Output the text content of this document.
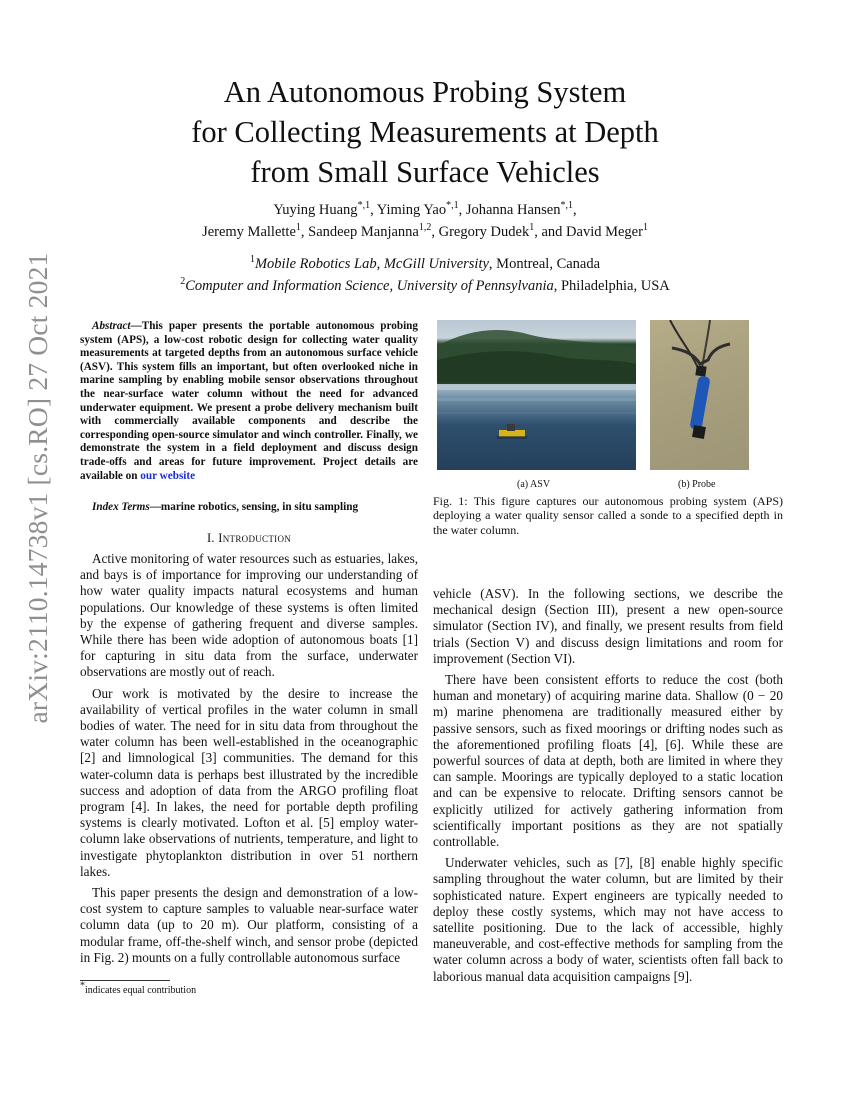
arXiv:2110.14738v1 [cs.RO] 27 Oct 2021
An Autonomous Probing System
for Collecting Measurements at Depth
from Small Surface Vehicles
Yuying Huang$^{*,1}$, Yiming Yao$^{*,1}$, Johanna Hansen$^{*,1}$,
Jeremy Mallette$^1$, Sandeep Manjanna$^{1,2}$, Gregory Dudek$^1$, and David Meger$^1$
$^1$Mobile Robotics Lab, McGill University, Montreal, Canada
$^2$Computer and Information Science, University of Pennsylvania, Philadelphia, USA

Abstract—This paper presents the portable autonomous probing system (APS), a low-cost robotic design for collecting water quality measurements at targeted depths from an autonomous surface vehicle (ASV). This system fills an important, but often overlooked niche in marine sampling by enabling mobile sensor observations throughout the near-surface water column without the need for advanced underwater equipment. We present a probe delivery mechanism built with commercially available components and describe the corresponding open-source simulator and winch controller. Finally, we demonstrate the system in a field deployment and discuss design trade-offs and areas for future improvement. Project details are available on our website

Index Terms—marine robotics, sensing, in situ sampling

I. Introduction

Active monitoring of water resources such as estuaries, lakes, and bays is of importance for improving our understanding of how water quality impacts natural ecosystems and human populations. Our knowledge of these systems is often limited by the expense of gathering frequent and diverse samples. While there has been wide adoption of autonomous boats [1] for capturing in situ data from the surface, underwater observations are mostly out of reach.

Our work is motivated by the desire to increase the availability of vertical profiles in the water column in small bodies of water. The need for in situ data from throughout the water column has been well-established in the oceanographic [2] and limnological [3] communities. The demand for this water-column data is perhaps best illustrated by the incredible success and adoption of data from the ARGO profiling float program [4]. In lakes, the need for portable depth profiling systems is clearly motivated. Lofton et al. [5] employ water-column lake observations of nutrients, temperature, and light to investigate phytoplankton distribution in over 51 northern lakes.

This paper presents the design and demonstration of a low-cost system to capture samples to valuable near-surface water column data (up to 20 m). Our platform, consisting of a modular frame, off-the-shelf winch, and sensor probe (depicted in Fig. 2) mounts on a fully controllable autonomous surface

*indicates equal contribution
(a) ASV	(b) Probe

Fig. 1: This figure captures our autonomous probing system (APS) deploying a water quality sensor called a sonde to a specified depth in the water column.

vehicle (ASV). In the following sections, we describe the mechanical design (Section III), present a new open-source simulator (Section IV), and finally, we present results from field trials (Section V) and discuss design limitations and room for improvement (Section VI).

There have been consistent efforts to reduce the cost (both human and monetary) of acquiring marine data. Shallow (0 − 20 m) marine phenomena are traditionally measured either by passive sensors, such as fixed moorings or drifting nodes such as the aforementioned profiling floats [4], [6]. While these are powerful sources of data at depth, both are limited in where they can sample. Moorings are typically deployed to a static location and can be expensive to relocate. Drifting sensors cannot be explicitly utilized for actively gathering information from scientifically important positions as they are not spatially controllable.

Underwater vehicles, such as [7], [8] enable highly specific sampling throughout the water column, but are limited by their sophisticated nature. Expert engineers are typically needed to deploy these costly systems, which may not have access to satellite positioning. Due to the lack of accessible, highly maneuverable, and cost-effective methods for sampling from the water column across a body of water, scientists often fall back to laborious manual data acquisition campaigns [9].
